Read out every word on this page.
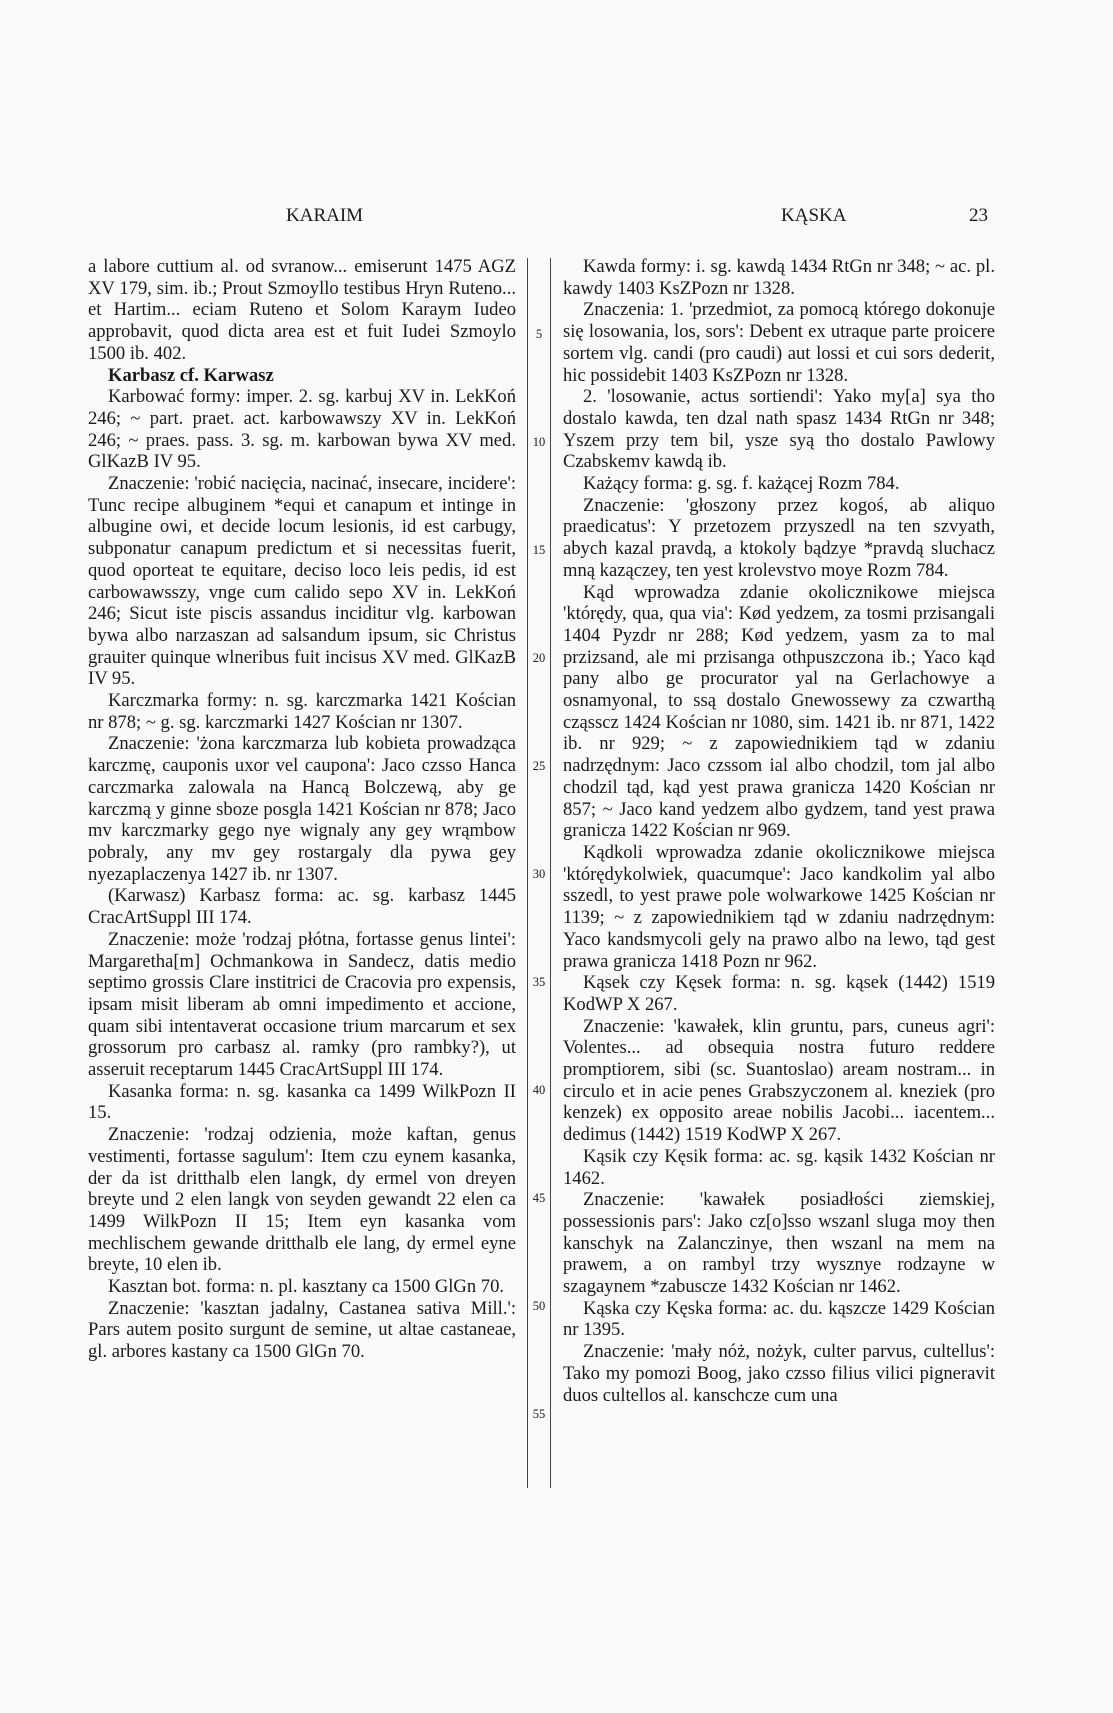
KARAIM	KĄSKA	23
5
10
15
20
25
30
35
40
45
50
55

a labore cuttium al. od svranow... emiserunt 1475 AGZ XV 179, sim. ib.; Prout Szmoyllo testibus Hryn Ruteno... et Hartim... eciam Ruteno et Solom Karaym Iudeo approbavit, quod dicta area est et fuit Iudei Szmoylo 1500 ib. 402.

Karbasz cf. Karwasz

Karbować formy: imper. 2. sg. karbuj XV in. LekKoń 246; ~ part. praet. act. karbowawszy XV in. LekKoń 246; ~ praes. pass. 3. sg. m. karbowan bywa XV med. GlKazB IV 95.

Znaczenie: 'robić nacięcia, nacinać, insecare, incidere': Tunc recipe albuginem *equi et canapum et intinge in albugine owi, et decide locum lesionis, id est carbugy, subponatur canapum predictum et si necessitas fuerit, quod oporteat te equitare, deciso loco leis pedis, id est carbowawsszy, vnge cum calido sepo XV in. LekKoń 246; Sicut iste piscis assandus inciditur vlg. karbowan bywa albo narzaszan ad salsandum ipsum, sic Christus grauiter quinque wlneribus fuit incisus XV med. GlKazB IV 95.

Karczmarka formy: n. sg. karczmarka 1421 Kościan nr 878; ~ g. sg. karczmarki 1427 Kościan nr 1307.

Znaczenie: 'żona karczmarza lub kobieta prowadząca karczmę, cauponis uxor vel caupona': Jaco czsso Hanca carczmarka zalowala na Hancą Bolczewą, aby ge karczmą y ginne sboze posgla 1421 Kościan nr 878; Jaco mv karczmarky gego nye wignaly any gey wrąmbow pobraly, any mv gey rostargaly dla pywa gey nyezaplaczenya 1427 ib. nr 1307.

(Karwasz) Karbasz forma: ac. sg. karbasz 1445 CracArtSuppl III 174.

Znaczenie: może 'rodzaj płótna, fortasse genus lintei': Margaretha[m] Ochmankowa in Sandecz, datis medio septimo grossis Clare institrici de Cracovia pro expensis, ipsam misit liberam ab omni impedimento et accione, quam sibi intentaverat occasione trium marcarum et sex grossorum pro carbasz al. ramky (pro rambky?), ut asseruit receptarum 1445 CracArtSuppl III 174.

Kasanka forma: n. sg. kasanka ca 1499 WilkPozn II 15.

Znaczenie: 'rodzaj odzienia, może kaftan, genus vestimenti, fortasse sagulum': Item czu eynem kasanka, der da ist dritthalb elen langk, dy ermel von dreyen breyte und 2 elen langk von seyden gewandt 22 elen ca 1499 WilkPozn II 15; Item eyn kasanka vom mechlischem gewande dritthalb ele lang, dy ermel eyne breyte, 10 elen ib.

Kasztan bot. forma: n. pl. kasztany ca 1500 GlGn 70.

Znaczenie: 'kasztan jadalny, Castanea sativa Mill.': Pars autem posito surgunt de semine, ut altae castaneae, gl. arbores kastany ca 1500 GlGn 70.

Kawda formy: i. sg. kawdą 1434 RtGn nr 348; ~ ac. pl. kawdy 1403 KsZPozn nr 1328.

Znaczenia: 1. 'przedmiot, za pomocą którego dokonuje się losowania, los, sors': Debent ex utraque parte proicere sortem vlg. candi (pro caudi) aut lossi et cui sors dederit, hic possidebit 1403 KsZPozn nr 1328.

2. 'losowanie, actus sortiendi': Yako my[a] sya tho dostalo kawda, ten dzal nath spasz 1434 RtGn nr 348; Yszem przy tem bil, ysze syą tho dostalo Pawlowy Czabskemv kawdą ib.

Każący forma: g. sg. f. każącej Rozm 784.

Znaczenie: 'głoszony przez kogoś, ab aliquo praedicatus': Y przetozem przyszedl na ten szvyath, abych kazal pravdą, a ktokoly bądzye *pravdą sluchacz mną kazączey, ten yest krolevstvo moye Rozm 784.

Kąd wprowadza zdanie okolicznikowe miejsca 'którędy, qua, qua via': Kød yedzem, za tosmi przisangali 1404 Pyzdr nr 288; Kød yedzem, yasm za to mal przizsand, ale mi przisanga othpuszczona ib.; Yaco kąd pany albo ge procurator yal na Gerlachowye a osnamyonal, to ssą dostalo Gnewossewy za czwarthą cząsscz 1424 Kościan nr 1080, sim. 1421 ib. nr 871, 1422 ib. nr 929; ~ z zapowiednikiem tąd w zdaniu nadrzędnym: Jaco czssom ial albo chodzil, tom jal albo chodzil tąd, kąd yest prawa granicza 1420 Kościan nr 857; ~ Jaco kand yedzem albo gydzem, tand yest prawa granicza 1422 Kościan nr 969.

Kądkoli wprowadza zdanie okolicznikowe miejsca 'którędykolwiek, quacumque': Jaco kandkolim yal albo sszedl, to yest prawe pole wolwarkowe 1425 Kościan nr 1139; ~ z zapowiednikiem tąd w zdaniu nadrzędnym: Yaco kandsmycoli gely na prawo albo na lewo, tąd gest prawa granicza 1418 Pozn nr 962.

Kąsek czy Kęsek forma: n. sg. kąsek (1442) 1519 KodWP X 267.

Znaczenie: 'kawałek, klin gruntu, pars, cuneus agri': Volentes... ad obsequia nostra futuro reddere promptiorem, sibi (sc. Suantoslao) aream nostram... in circulo et in acie penes Grabszyczonem al. kneziek (pro kenzek) ex opposito areae nobilis Jacobi... iacentem... dedimus (1442) 1519 KodWP X 267.

Kąsik czy Kęsik forma: ac. sg. kąsik 1432 Kościan nr 1462.

Znaczenie: 'kawałek posiadłości ziemskiej, possessionis pars': Jako cz[o]sso wszanl sluga moy then kanschyk na Zalanczinye, then wszanl na mem na prawem, a on rambyl trzy wysznye rodzayne w szagaynem *zabuscze 1432 Kościan nr 1462.

Kąska czy Kęska forma: ac. du. kąszcze 1429 Kościan nr 1395.

Znaczenie: 'mały nóż, nożyk, culter parvus, cultellus': Tako my pomozi Boog, jako czsso filius vilici pigneravit duos cultellos al. kanschcze cum una
